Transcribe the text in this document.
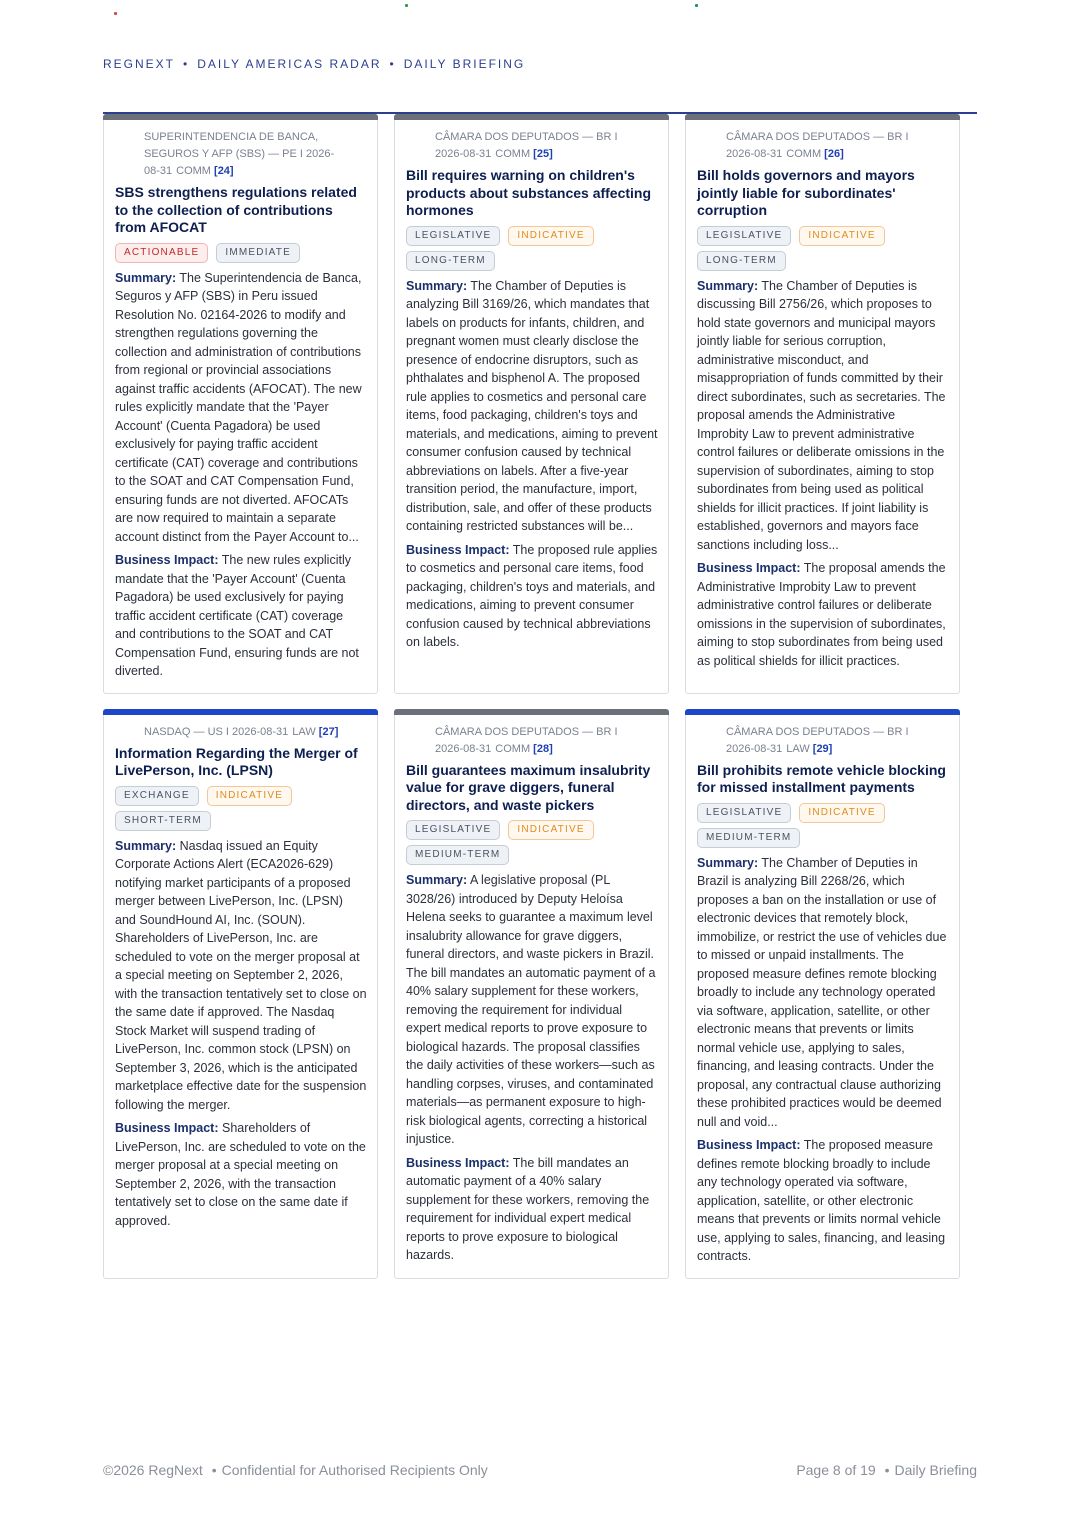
REGNEXT • DAILY AMERICAS RADAR • DAILY BRIEFING
SUPERINTENDENCIA DE BANCA, SEGUROS Y AFP (SBS) — PE I 2026-08-31 COMM [24]
SBS strengthens regulations related to the collection of contributions from AFOCAT
ACTIONABLE	IMMEDIATE
Summary: The Superintendencia de Banca, Seguros y AFP (SBS) in Peru issued Resolution No. 02164-2026 to modify and strengthen regulations governing the collection and administration of contributions from regional or provincial associations against traffic accidents (AFOCAT). The new rules explicitly mandate that the 'Payer Account' (Cuenta Pagadora) be used exclusively for paying traffic accident certificate (CAT) coverage and contributions to the SOAT and CAT Compensation Fund, ensuring funds are not diverted. AFOCATs are now required to maintain a separate account distinct from the Payer Account to...
Business Impact: The new rules explicitly mandate that the 'Payer Account' (Cuenta Pagadora) be used exclusively for paying traffic accident certificate (CAT) coverage and contributions to the SOAT and CAT Compensation Fund, ensuring funds are not diverted.
CÂMARA DOS DEPUTADOS — BR I 2026-08-31 COMM [25]
Bill requires warning on children's products about substances affecting hormones
LEGISLATIVE	INDICATIVE
LONG-TERM
Summary: The Chamber of Deputies is analyzing Bill 3169/26, which mandates that labels on products for infants, children, and pregnant women must clearly disclose the presence of endocrine disruptors, such as phthalates and bisphenol A. The proposed rule applies to cosmetics and personal care items, food packaging, children's toys and materials, and medications, aiming to prevent consumer confusion caused by technical abbreviations on labels. After a five-year transition period, the manufacture, import, distribution, sale, and offer of these products containing restricted substances will be...
Business Impact: The proposed rule applies to cosmetics and personal care items, food packaging, children's toys and materials, and medications, aiming to prevent consumer confusion caused by technical abbreviations on labels.
CÂMARA DOS DEPUTADOS — BR I 2026-08-31 COMM [26]
Bill holds governors and mayors jointly liable for subordinates' corruption
LEGISLATIVE	INDICATIVE
LONG-TERM
Summary: The Chamber of Deputies is discussing Bill 2756/26, which proposes to hold state governors and municipal mayors jointly liable for serious corruption, administrative misconduct, and misappropriation of funds committed by their direct subordinates, such as secretaries. The proposal amends the Administrative Improbity Law to prevent administrative control failures or deliberate omissions in the supervision of subordinates, aiming to stop subordinates from being used as political shields for illicit practices. If joint liability is established, governors and mayors face sanctions including loss...
Business Impact: The proposal amends the Administrative Improbity Law to prevent administrative control failures or deliberate omissions in the supervision of subordinates, aiming to stop subordinates from being used as political shields for illicit practices.
NASDAQ — US I 2026-08-31 LAW [27]
Information Regarding the Merger of LivePerson, Inc. (LPSN)
EXCHANGE	INDICATIVE
SHORT-TERM
Summary: Nasdaq issued an Equity Corporate Actions Alert (ECA2026-629) notifying market participants of a proposed merger between LivePerson, Inc. (LPSN) and SoundHound AI, Inc. (SOUN). Shareholders of LivePerson, Inc. are scheduled to vote on the merger proposal at a special meeting on September 2, 2026, with the transaction tentatively set to close on the same date if approved. The Nasdaq Stock Market will suspend trading of LivePerson, Inc. common stock (LPSN) on September 3, 2026, which is the anticipated marketplace effective date for the suspension following the merger.
Business Impact: Shareholders of LivePerson, Inc. are scheduled to vote on the merger proposal at a special meeting on September 2, 2026, with the transaction tentatively set to close on the same date if approved.
CÂMARA DOS DEPUTADOS — BR I 2026-08-31 COMM [28]
Bill guarantees maximum insalubrity value for grave diggers, funeral directors, and waste pickers
LEGISLATIVE	INDICATIVE
MEDIUM-TERM
Summary: A legislative proposal (PL 3028/26) introduced by Deputy Heloísa Helena seeks to guarantee a maximum level insalubrity allowance for grave diggers, funeral directors, and waste pickers in Brazil. The bill mandates an automatic payment of a 40% salary supplement for these workers, removing the requirement for individual expert medical reports to prove exposure to biological hazards. The proposal classifies the daily activities of these workers—such as handling corpses, viruses, and contaminated materials—as permanent exposure to high-risk biological agents, correcting a historical injustice.
Business Impact: The bill mandates an automatic payment of a 40% salary supplement for these workers, removing the requirement for individual expert medical reports to prove exposure to biological hazards.
CÂMARA DOS DEPUTADOS — BR I 2026-08-31 LAW [29]
Bill prohibits remote vehicle blocking for missed installment payments
LEGISLATIVE	INDICATIVE
MEDIUM-TERM
Summary: The Chamber of Deputies in Brazil is analyzing Bill 2268/26, which proposes a ban on the installation or use of electronic devices that remotely block, immobilize, or restrict the use of vehicles due to missed or unpaid installments. The proposed measure defines remote blocking broadly to include any technology operated via software, application, satellite, or other electronic means that prevents or limits normal vehicle use, applying to sales, financing, and leasing contracts. Under the proposal, any contractual clause authorizing these prohibited practices would be deemed null and void...
Business Impact: The proposed measure defines remote blocking broadly to include any technology operated via software, application, satellite, or other electronic means that prevents or limits normal vehicle use, applying to sales, financing, and leasing contracts.
©2026 RegNext • Confidential for Authorised Recipients Only	Page 8 of 19 • Daily Briefing
